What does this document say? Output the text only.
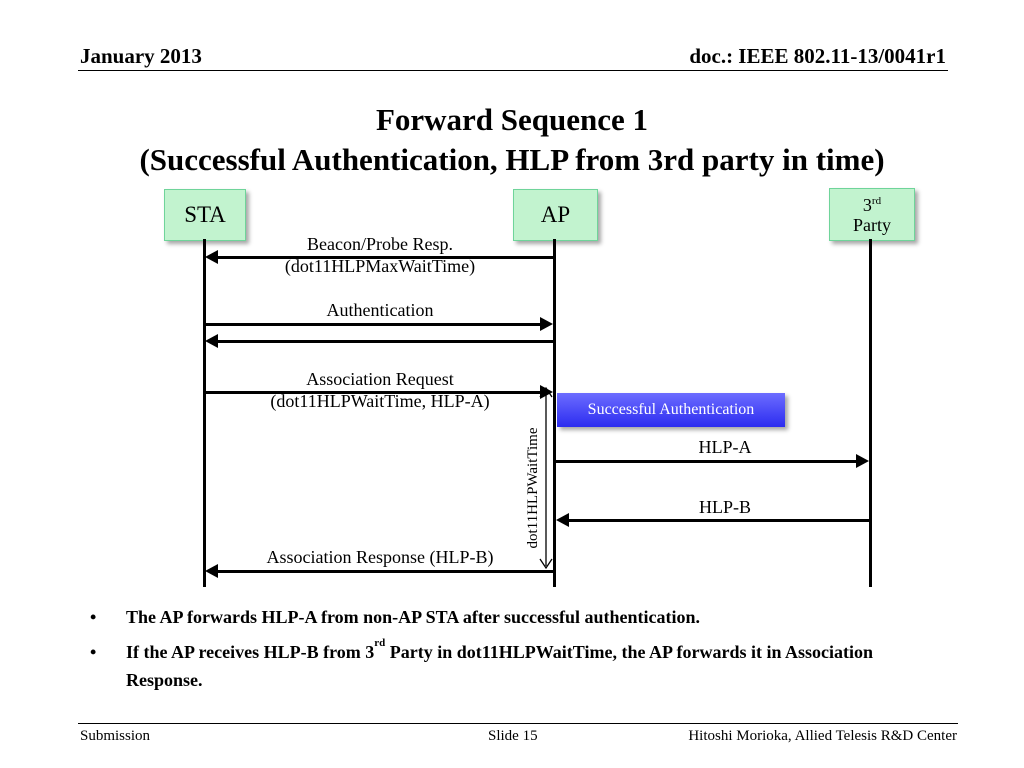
January 2013	doc.: IEEE 802.11-13/0041r1
Forward Sequence 1
(Successful Authentication, HLP from 3rd party in time)
STA	AP	3rd
Party
Beacon/Probe Resp.
(dot11HLPMaxWaitTime)
Authentication
Association Request
(dot11HLPWaitTime, HLP-A)	Successful Authentication
dot11HLPWaitTime	HLP-A
HLP-B
Association Response (HLP-B)
• The AP forwards HLP-A from non-AP STA after successful authentication.
• If the AP receives HLP-B from 3rd Party in dot11HLPWaitTime, the AP forwards it in Association Response.
Submission	Slide 15	Hitoshi Morioka, Allied Telesis R&D Center
